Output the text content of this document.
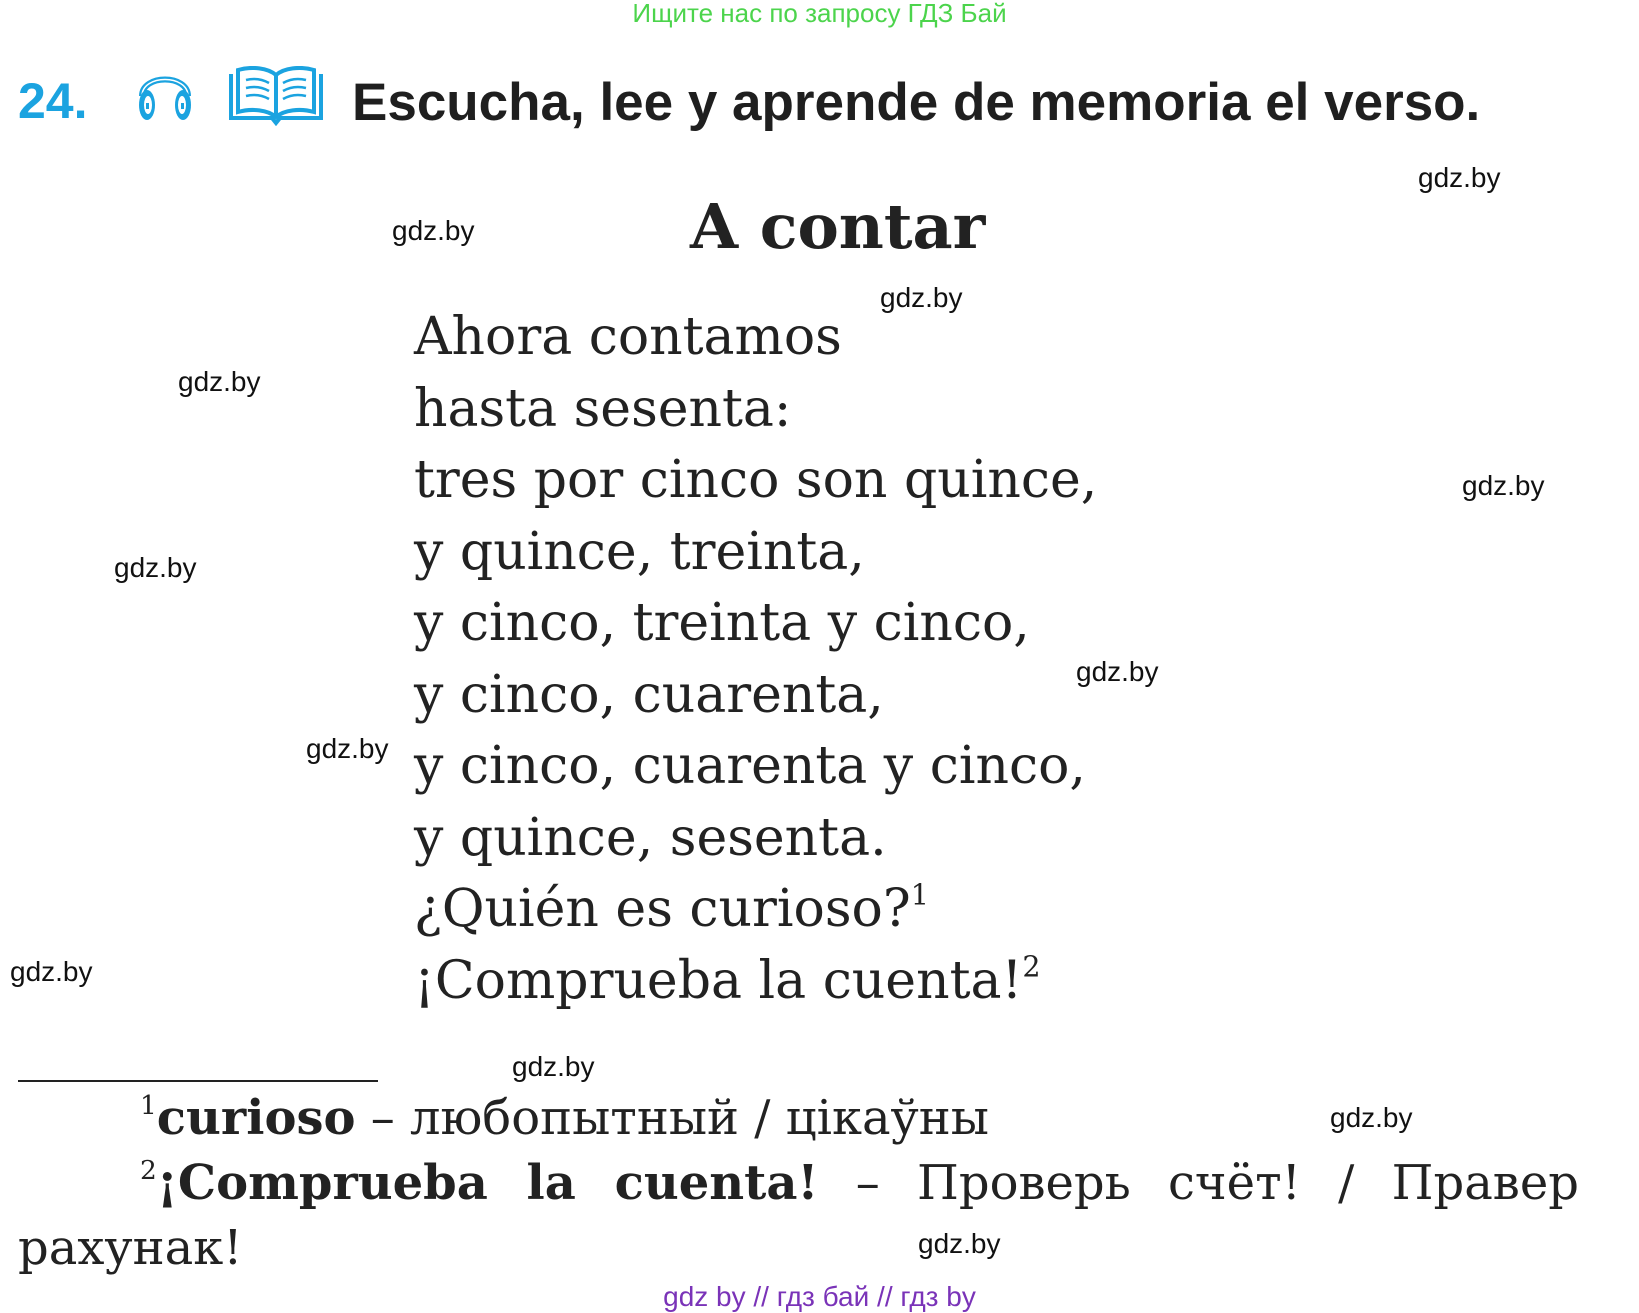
Ищите нас по запросу ГДЗ Бай
24.	Escucha, lee y aprende de memoria el verso.
A contar
Ahora contamos
hasta sesenta:
tres por cinco son quince,
y quince, treinta,
y cinco, treinta y cinco,
y cinco, cuarenta,
y cinco, cuarenta y cinco,
y quince, sesenta.
¿Quién es curioso?$^1$
¡Comprueba la cuenta!$^2$
gdz.by
gdz.by
gdz.by
gdz.by
gdz.by
gdz.by
gdz.by
gdz.by
gdz.by
gdz.by
gdz.by
gdz.by
$^1$curioso – любопытный / цікаўны
$^2$¡Comprueba la cuenta! – Проверь счёт! / Правер
рахунак!
gdz by // гдз бай // гдз by
